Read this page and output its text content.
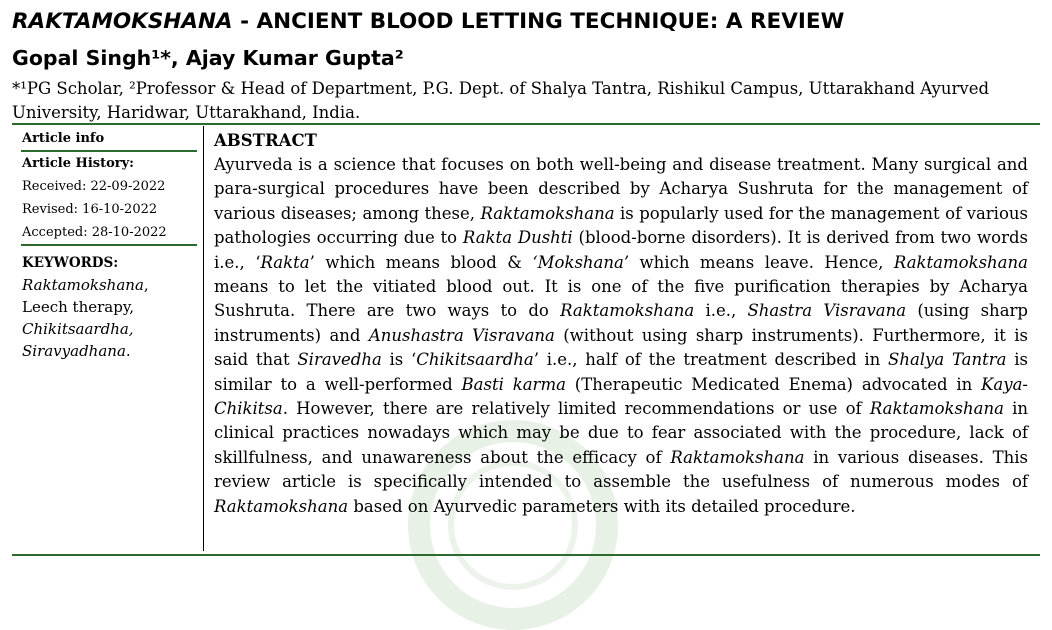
RAKTAMOKSHANA - ANCIENT BLOOD LETTING TECHNIQUE: A REVIEW
Gopal Singh¹*, Ajay Kumar Gupta²
*¹PG Scholar, ²Professor & Head of Department, P.G. Dept. of Shalya Tantra, Rishikul Campus, Uttarakhand Ayurved University, Haridwar, Uttarakhand, India.
Article info
Article History:
Received: 22-09-2022
Revised: 16-10-2022
Accepted: 28-10-2022
KEYWORDS:
Raktamokshana,
Leech therapy,
Chikitsaardha,
Siravyadhana.
ABSTRACT
Ayurveda is a science that focuses on both well-being and disease treatment. Many surgical and para-surgical procedures have been described by Acharya Sushruta for the management of various diseases; among these, Raktamokshana is popularly used for the management of various pathologies occurring due to Rakta Dushti (blood-borne disorders). It is derived from two words i.e., ‘Rakta’ which means blood & ‘Mokshana’ which means leave. Hence, Raktamokshana means to let the vitiated blood out. It is one of the five purification therapies by Acharya Sushruta. There are two ways to do Raktamokshana i.e., Shastra Visravana (using sharp instruments) and Anushastra Visravana (without using sharp instruments). Furthermore, it is said that Siravedha is ‘Chikitsaardha’ i.e., half of the treatment described in Shalya Tantra is similar to a well-performed Basti karma (Therapeutic Medicated Enema) advocated in Kaya-Chikitsa. However, there are relatively limited recommendations or use of Raktamokshana in clinical practices nowadays which may be due to fear associated with the procedure, lack of skillfulness, and unawareness about the efficacy of Raktamokshana in various diseases. This review article is specifically intended to assemble the usefulness of numerous modes of Raktamokshana based on Ayurvedic parameters with its detailed procedure.
